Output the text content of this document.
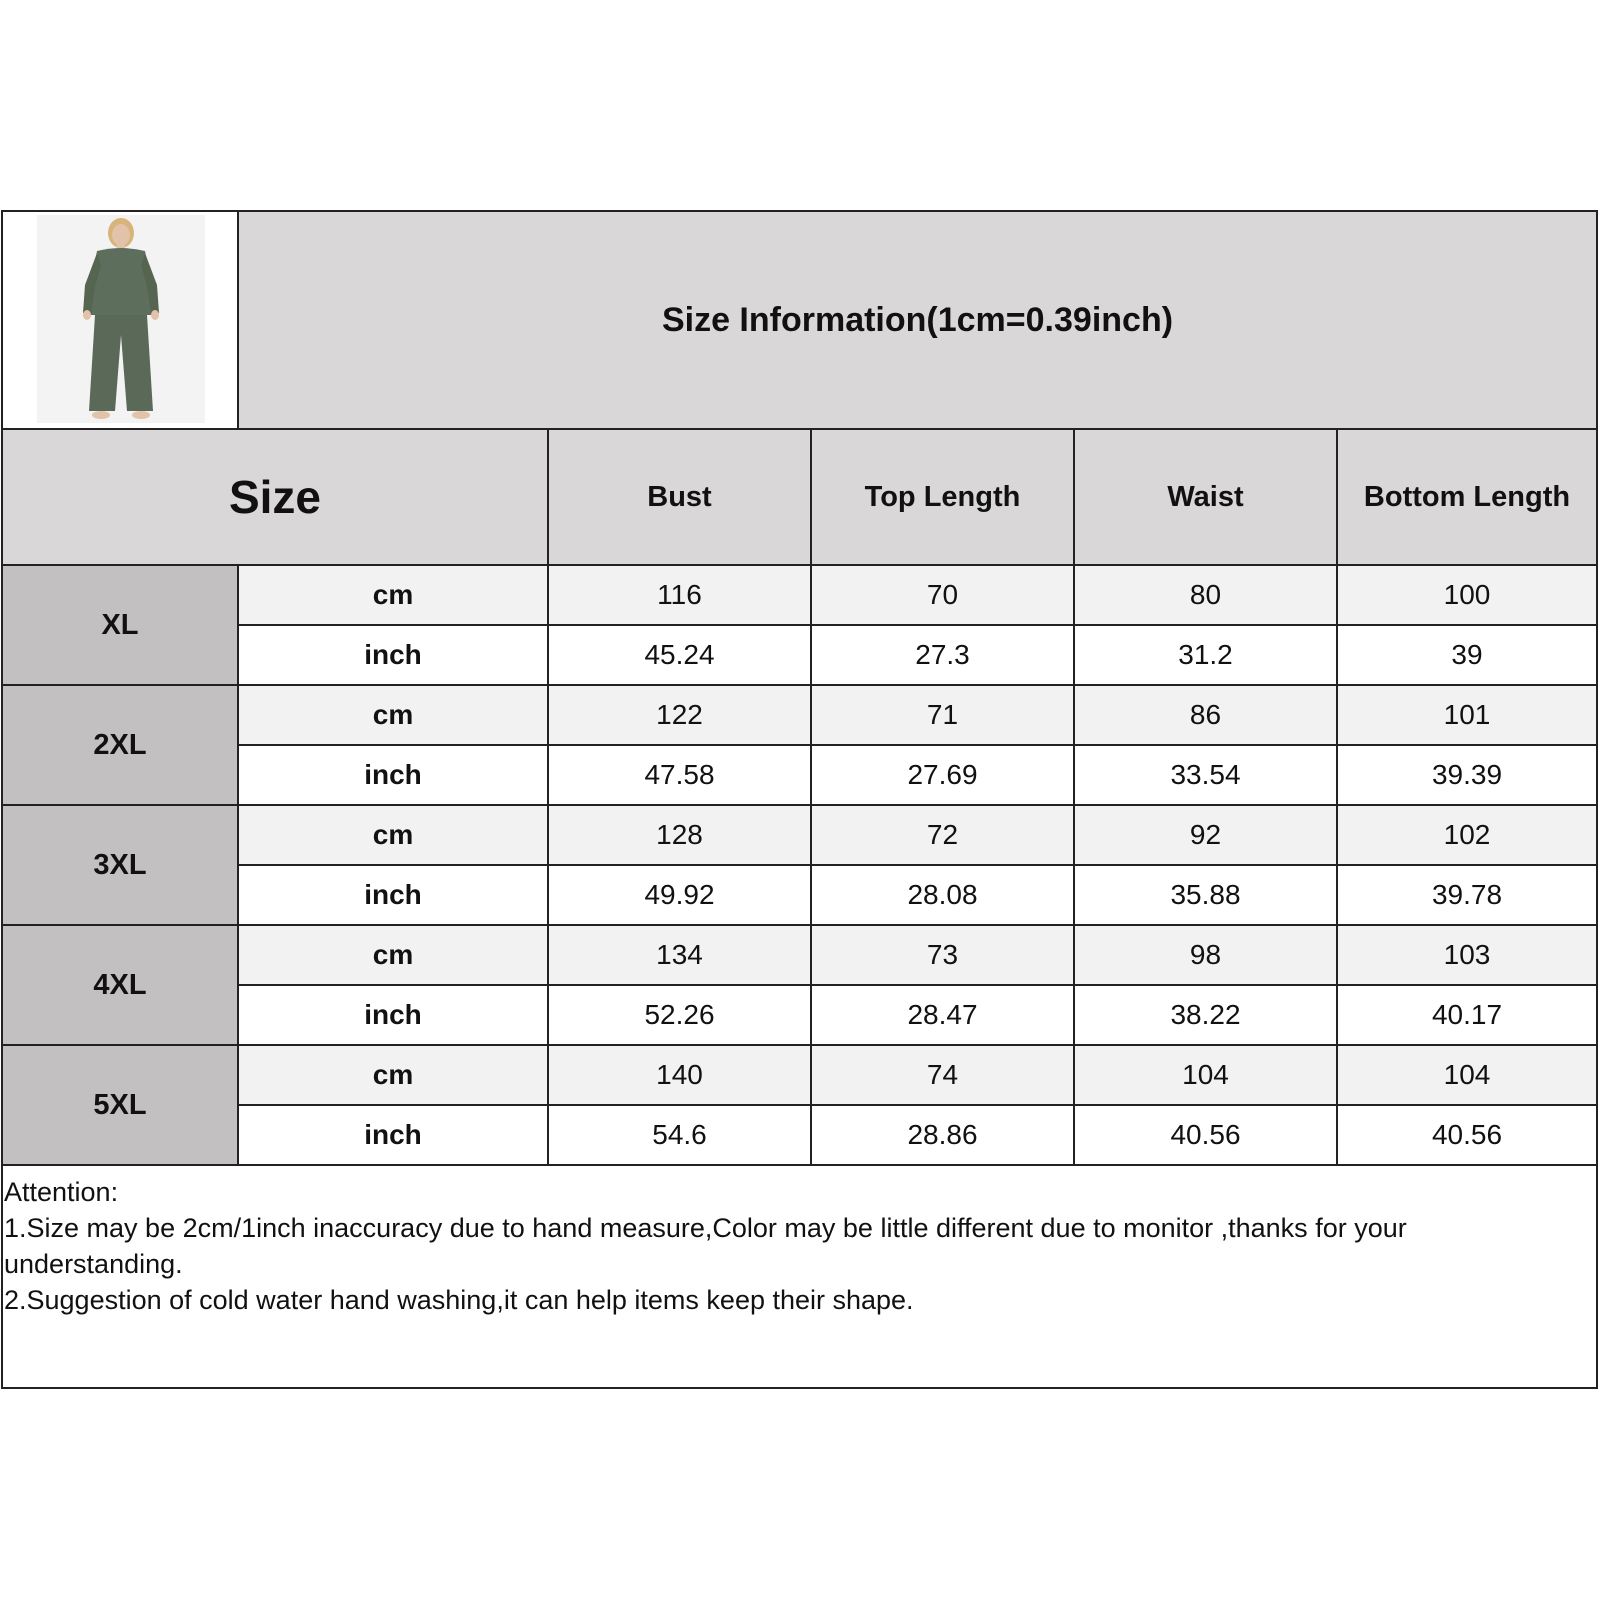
Size Information(1cm=0.39inch)
Size	Bust	Top Length	Waist	Bottom Length
XL
cm	116	70	80	100
inch	45.24	27.3	31.2	39
2XL
cm	122	71	86	101
inch	47.58	27.69	33.54	39.39
3XL
cm	128	72	92	102
inch	49.92	28.08	35.88	39.78
4XL
cm	134	73	98	103
inch	52.26	28.47	38.22	40.17
5XL
cm	140	74	104	104
inch	54.6	28.86	40.56	40.56
Attention:
1.Size may be 2cm/1inch inaccuracy due to hand measure,Color may be little different due to monitor ,thanks for your understanding.
2.Suggestion of cold water hand washing,it can help items keep their shape.
